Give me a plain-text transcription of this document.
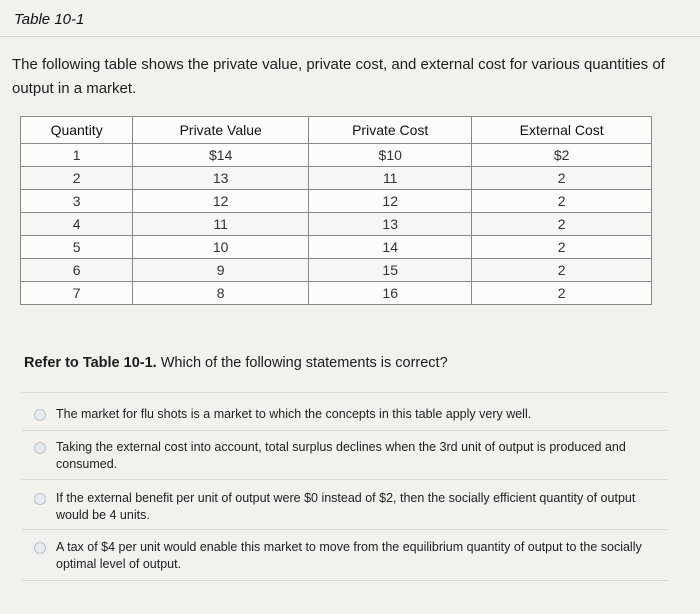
Table 10-1
The following table shows the private value, private cost, and external cost for various quantities of output in a market.
Quantity	Private Value	Private Cost	External Cost
1	$14	$10	$2
2	13	11	2
3	12	12	2
4	11	13	2
5	10	14	2
6	9	15	2
7	8	16	2
Refer to Table 10-1. Which of the following statements is correct?
The market for flu shots is a market to which the concepts in this table apply very well.
Taking the external cost into account, total surplus declines when the 3rd unit of output is produced and consumed.
If the external benefit per unit of output were $0 instead of $2, then the socially efficient quantity of output would be 4 units.
A tax of $4 per unit would enable this market to move from the equilibrium quantity of output to the socially optimal level of output.
